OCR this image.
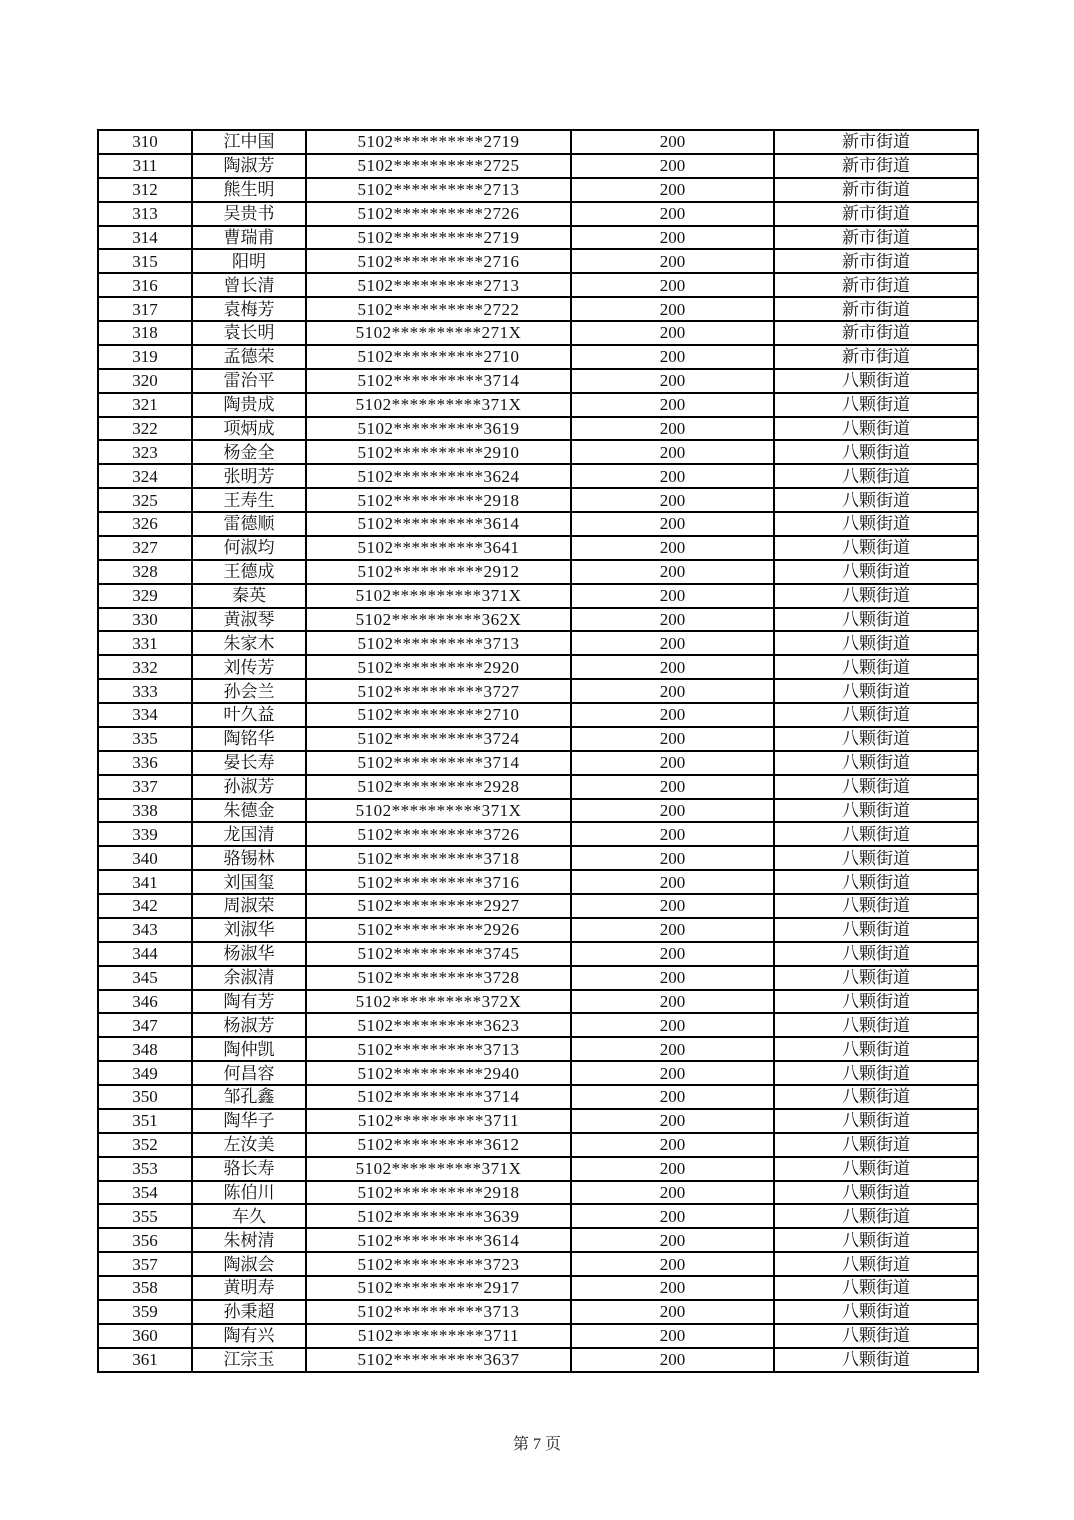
310	江中国	5102**********2719	200	新市街道
311	陶淑芳	5102**********2725	200	新市街道
312	熊生明	5102**********2713	200	新市街道
313	吴贵书	5102**********2726	200	新市街道
314	曹瑞甫	5102**********2719	200	新市街道
315	阳明	5102**********2716	200	新市街道
316	曾长清	5102**********2713	200	新市街道
317	袁梅芳	5102**********2722	200	新市街道
318	袁长明	5102**********271X	200	新市街道
319	孟德荣	5102**********2710	200	新市街道
320	雷治平	5102**********3714	200	八颗街道
321	陶贵成	5102**********371X	200	八颗街道
322	项炳成	5102**********3619	200	八颗街道
323	杨金全	5102**********2910	200	八颗街道
324	张明芳	5102**********3624	200	八颗街道
325	王寿生	5102**********2918	200	八颗街道
326	雷德顺	5102**********3614	200	八颗街道
327	何淑均	5102**********3641	200	八颗街道
328	王德成	5102**********2912	200	八颗街道
329	秦英	5102**********371X	200	八颗街道
330	黄淑琴	5102**********362X	200	八颗街道
331	朱家木	5102**********3713	200	八颗街道
332	刘传芳	5102**********2920	200	八颗街道
333	孙会兰	5102**********3727	200	八颗街道
334	叶久益	5102**********2710	200	八颗街道
335	陶铭华	5102**********3724	200	八颗街道
336	晏长寿	5102**********3714	200	八颗街道
337	孙淑芳	5102**********2928	200	八颗街道
338	朱德金	5102**********371X	200	八颗街道
339	龙国清	5102**********3726	200	八颗街道
340	骆锡林	5102**********3718	200	八颗街道
341	刘国玺	5102**********3716	200	八颗街道
342	周淑荣	5102**********2927	200	八颗街道
343	刘淑华	5102**********2926	200	八颗街道
344	杨淑华	5102**********3745	200	八颗街道
345	余淑清	5102**********3728	200	八颗街道
346	陶有芳	5102**********372X	200	八颗街道
347	杨淑芳	5102**********3623	200	八颗街道
348	陶仲凯	5102**********3713	200	八颗街道
349	何昌容	5102**********2940	200	八颗街道
350	邹孔鑫	5102**********3714	200	八颗街道
351	陶华子	5102**********3711	200	八颗街道
352	左汝美	5102**********3612	200	八颗街道
353	骆长寿	5102**********371X	200	八颗街道
354	陈伯川	5102**********2918	200	八颗街道
355	车久	5102**********3639	200	八颗街道
356	朱树清	5102**********3614	200	八颗街道
357	陶淑会	5102**********3723	200	八颗街道
358	黄明寿	5102**********2917	200	八颗街道
359	孙秉超	5102**********3713	200	八颗街道
360	陶有兴	5102**********3711	200	八颗街道
361	江宗玉	5102**********3637	200	八颗街道
第 7 页
